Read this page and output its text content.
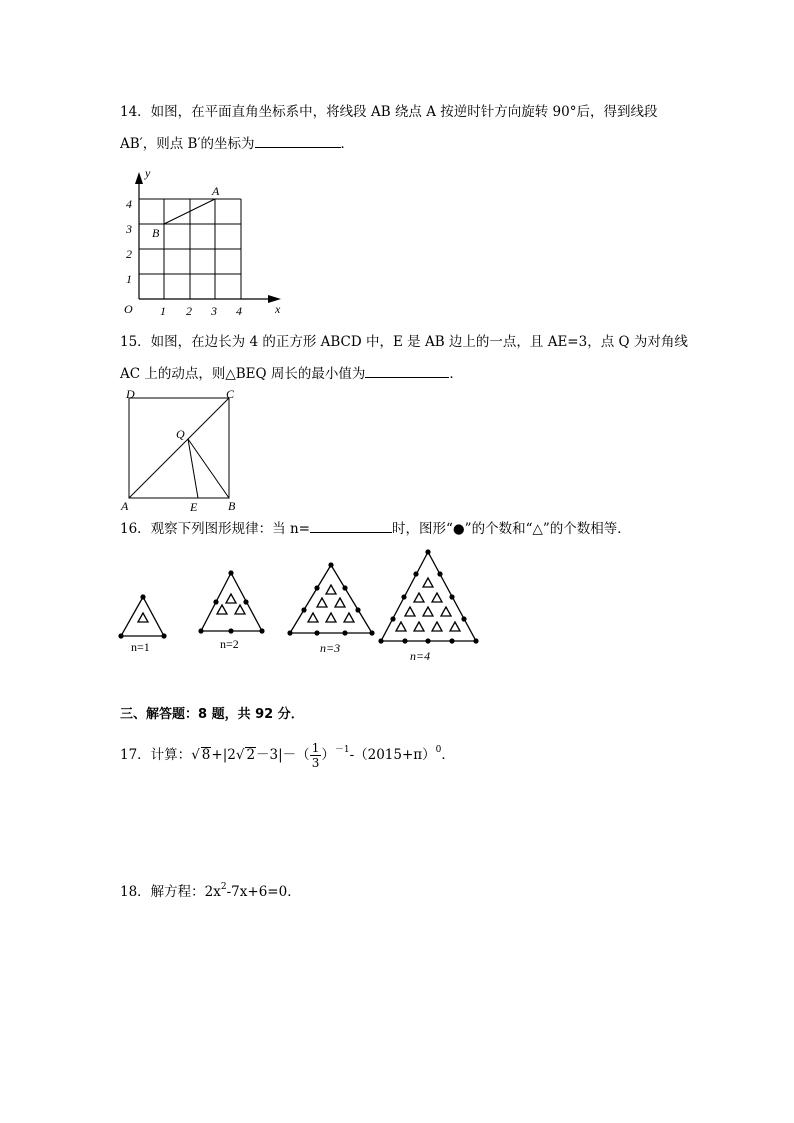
14．如图，在平面直角坐标系中，将线段 AB 绕点 A 按逆时针方向旋转 90°后，得到线段
AB′，则点 B′的坐标为	．
y
x
O
A
B
1 2 3 4
4
3
2
1
15．如图，在边长为 4 的正方形 ABCD 中，E 是 AB 边上的一点，且 AE=3，点 Q 为对角线
AC 上的动点，则△BEQ 周长的最小值为	．
D	C
A	B
E
Q
16．观察下列图形规律：当 n=	时，图形“●”的个数和“△”的个数相等．
n=1	n=2	n=3
n=4
三、解答题：8 题，共 92 分．
17．计算：√ 8+|2√ $2-3|-( \frac{1}{3} )^{-1}-(2015+\pi)^0$．
18．解方程：$2x^2-7x+6=0$．
